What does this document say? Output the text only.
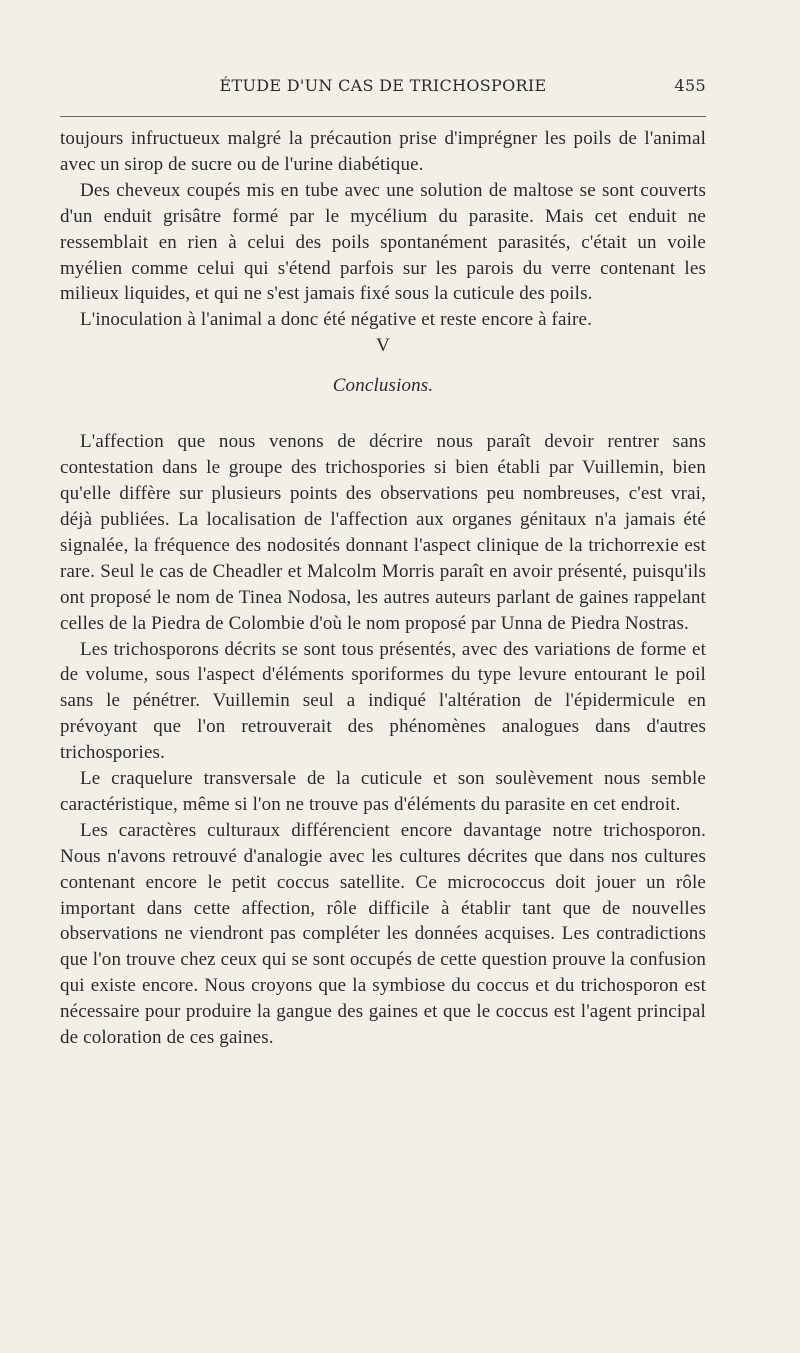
ÉTUDE D'UN CAS DE TRICHOSPORIE	455

toujours infructueux malgré la précaution prise d'imprégner les poils de l'animal avec un sirop de sucre ou de l'urine diabétique.

Des cheveux coupés mis en tube avec une solution de maltose se sont couverts d'un enduit grisâtre formé par le mycélium du parasite. Mais cet enduit ne ressemblait en rien à celui des poils spontanément parasités, c'était un voile myélien comme celui qui s'étend parfois sur les parois du verre contenant les milieux liquides, et qui ne s'est jamais fixé sous la cuticule des poils.

L'inoculation à l'animal a donc été négative et reste encore à faire.

V

Conclusions.

L'affection que nous venons de décrire nous paraît devoir rentrer sans contestation dans le groupe des trichospories si bien établi par Vuillemin, bien qu'elle diffère sur plusieurs points des observations peu nombreuses, c'est vrai, déjà publiées. La localisation de l'affection aux organes génitaux n'a jamais été signalée, la fréquence des nodosités donnant l'aspect clinique de la trichorrexie est rare. Seul le cas de Cheadler et Malcolm Morris paraît en avoir présenté, puisqu'ils ont proposé le nom de Tinea Nodosa, les autres auteurs parlant de gaines rappelant celles de la Piedra de Colombie d'où le nom proposé par Unna de Piedra Nostras.

Les trichosporons décrits se sont tous présentés, avec des variations de forme et de volume, sous l'aspect d'éléments sporiformes du type levure entourant le poil sans le pénétrer. Vuillemin seul a indiqué l'altération de l'épidermicule en prévoyant que l'on retrouverait des phénomènes analogues dans d'autres trichospories.

Le craquelure transversale de la cuticule et son soulèvement nous semble caractéristique, même si l'on ne trouve pas d'éléments du parasite en cet endroit.

Les caractères culturaux différencient encore davantage notre trichosporon. Nous n'avons retrouvé d'analogie avec les cultures décrites que dans nos cultures contenant encore le petit coccus satellite. Ce micrococcus doit jouer un rôle important dans cette affection, rôle difficile à établir tant que de nouvelles observations ne viendront pas compléter les données acquises. Les contradictions que l'on trouve chez ceux qui se sont occupés de cette question prouve la confusion qui existe encore. Nous croyons que la symbiose du coccus et du trichosporon est nécessaire pour produire la gangue des gaines et que le coccus est l'agent principal de coloration de ces gaines.
